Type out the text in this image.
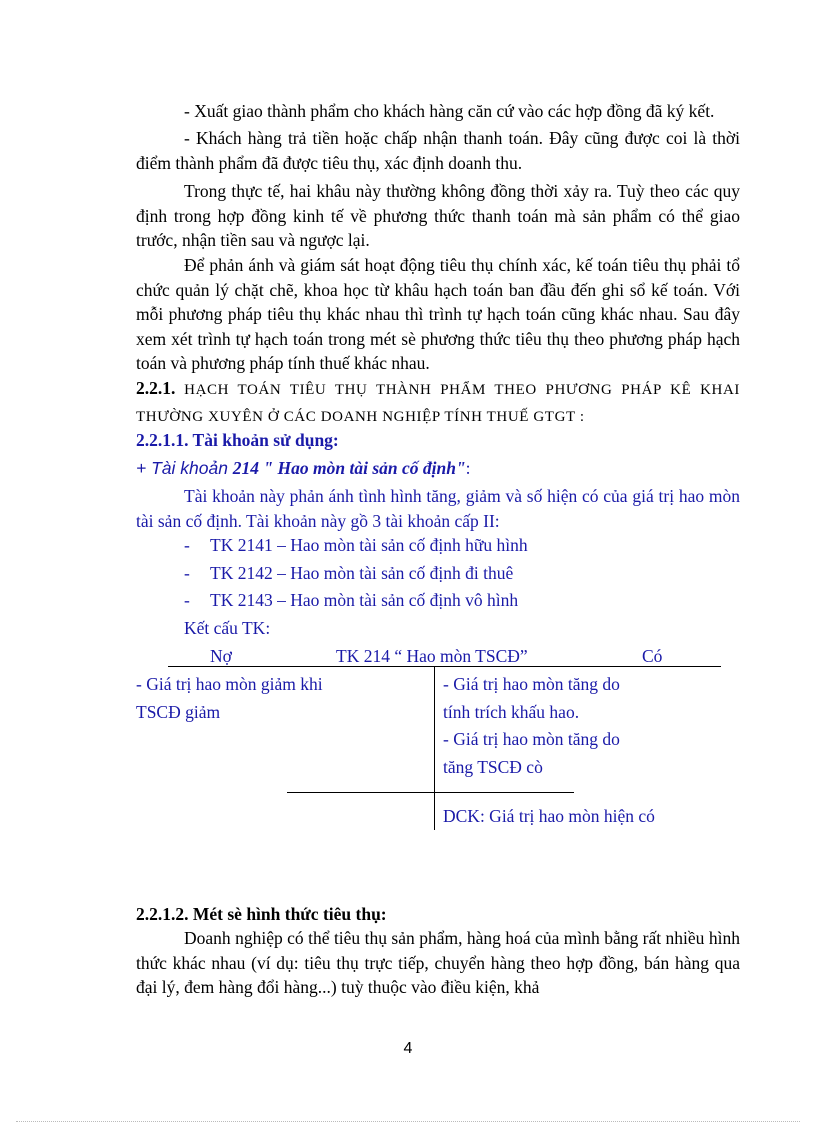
- Xuất giao thành phẩm cho khách hàng căn cứ vào các hợp đồng đã ký kết.

- Khách hàng trả tiền hoặc chấp nhận thanh toán. Đây cũng được coi là thời điểm thành phẩm đã được tiêu thụ, xác định doanh thu.

Trong thực tế, hai khâu này thường không đồng thời xảy ra. Tuỳ theo các quy định trong hợp đồng kinh tế về phương thức thanh toán mà sản phẩm có thể giao trước, nhận tiền sau và ngược lại.

Để phản ánh và giám sát hoạt động tiêu thụ chính xác, kế toán tiêu thụ phải tổ chức quản lý chặt chẽ, khoa học từ khâu hạch toán ban đầu đến ghi sổ kế toán. Với mỗi phương pháp tiêu thụ khác nhau thì trình tự hạch toán cũng khác nhau. Sau đây xem xét trình tự hạch toán trong mét sè phương thức tiêu thụ theo phương pháp hạch toán và phương pháp tính thuế khác nhau.

2.2.1. HẠCH TOÁN TIÊU THỤ THÀNH PHẨM THEO PHƯƠNG PHÁP KÊ KHAI THƯỜNG XUYÊN Ở CÁC DOANH NGHIỆP TÍNH THUẾ GTGT :

2.2.1.1. Tài khoản sử dụng:

+ Tài khoản 214 " Hao mòn tài sản cố định":

Tài khoản này phản ánh tình hình tăng, giảm và số hiện có của giá trị hao mòn tài sản cố định. Tài khoản này gồ 3 tài khoản cấp II:

- TK 2141 – Hao mòn tài sản cố định hữu hình
- TK 2142 – Hao mòn tài sản cố định đi thuê
- TK 2143 – Hao mòn tài sản cố định vô hình
Kết cấu TK:
Nợ	TK 214 “ Hao mòn TSCĐ”	Có
- Giá trị hao mòn giảm khi
TSCĐ giảm
- Giá trị hao mòn tăng do
tính trích khấu hao.
- Giá trị hao mòn tăng do
tăng TSCĐ cò
DCK: Giá trị hao mòn hiện có

2.2.1.2. Mét sè hình thức tiêu thụ:

Doanh nghiệp có thể tiêu thụ sản phẩm, hàng hoá của mình bằng rất nhiều hình thức khác nhau (ví dụ: tiêu thụ trực tiếp, chuyển hàng theo hợp đồng, bán hàng qua đại lý, đem hàng đổi hàng...) tuỳ thuộc vào điều kiện, khả

4
